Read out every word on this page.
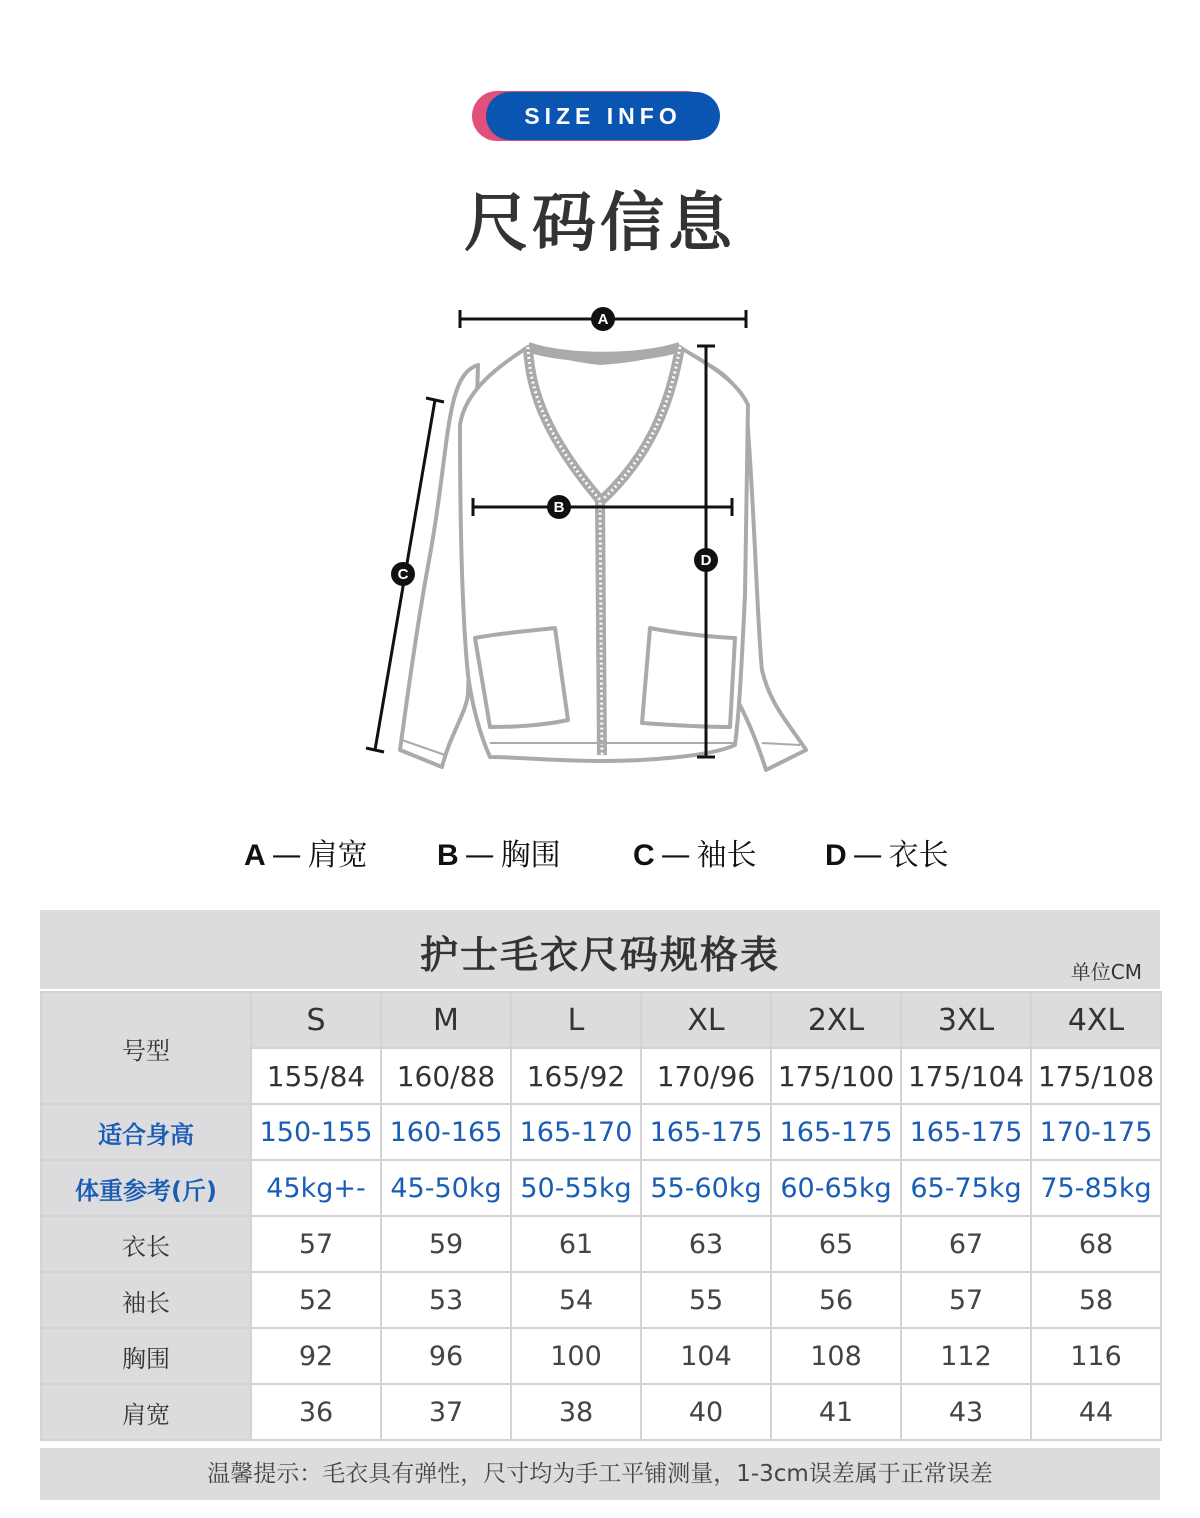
SIZE INFO
尺码信息
A
B
C
D
A — 肩宽 B — 胸围 C — 袖长 D — 衣长
护士毛衣尺码规格表	单位CM
号型	S	M	L	XL	2XL	3XL	4XL
	155/84	160/88	165/92	170/96	175/100	175/104	175/108
适合身高	150-155	160-165	165-170	165-175	165-175	165-175	170-175
体重参考(斤)	45kg+-	45-50kg	50-55kg	55-60kg	60-65kg	65-75kg	75-85kg
衣长	57	59	61	63	65	67	68
袖长	52	53	54	55	56	57	58
胸围	92	96	100	104	108	112	116
肩宽	36	37	38	40	41	43	44
温馨提示：毛衣具有弹性，尺寸均为手工平铺测量，1-3cm误差属于正常误差
